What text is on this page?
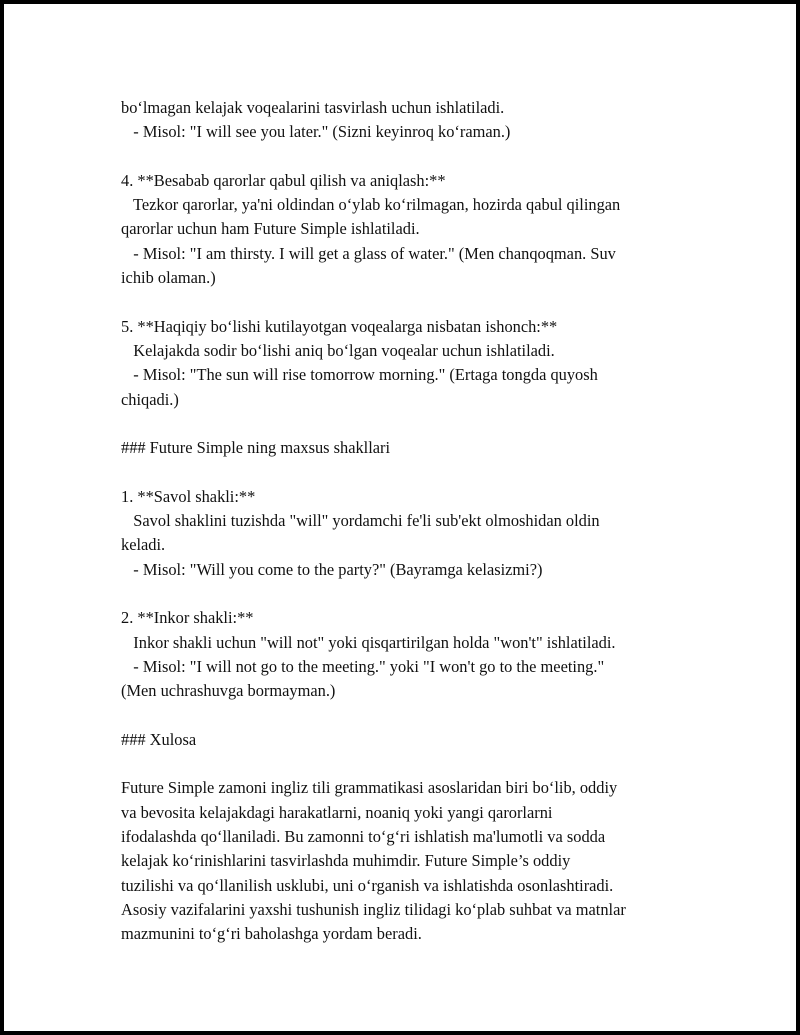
bo‘lmagan kelajak voqealarini tasvirlash uchun ishlatiladi.
- Misol: "I will see you later." (Sizni keyinroq ko‘raman.)
4. **Besabab qarorlar qabul qilish va aniqlash:**
Tezkor qarorlar, ya'ni oldindan o‘ylab ko‘rilmagan, hozirda qabul qilingan
qarorlar uchun ham Future Simple ishlatiladi.
- Misol: "I am thirsty. I will get a glass of water." (Men chanqoqman. Suv
ichib olaman.)
5. **Haqiqiy bo‘lishi kutilayotgan voqealarga nisbatan ishonch:**
Kelajakda sodir bo‘lishi aniq bo‘lgan voqealar uchun ishlatiladi.
- Misol: "The sun will rise tomorrow morning." (Ertaga tongda quyosh
chiqadi.)
### Future Simple ning maxsus shakllari
1. **Savol shakli:**
Savol shaklini tuzishda "will" yordamchi fe'li sub'ekt olmoshidan oldin
keladi.
- Misol: "Will you come to the party?" (Bayramga kelasizmi?)
2. **Inkor shakli:**
Inkor shakli uchun "will not" yoki qisqartirilgan holda "won't" ishlatiladi.
- Misol: "I will not go to the meeting." yoki "I won't go to the meeting."
(Men uchrashuvga bormayman.)
### Xulosa
Future Simple zamoni ingliz tili grammatikasi asoslaridan biri bo‘lib, oddiy
va bevosita kelajakdagi harakatlarni, noaniq yoki yangi qarorlarni
ifodalashda qo‘llaniladi. Bu zamonni to‘g‘ri ishlatish ma'lumotli va sodda
kelajak ko‘rinishlarini tasvirlashda muhimdir. Future Simple’s oddiy
tuzilishi va qo‘llanilish usklubi, uni o‘rganish va ishlatishda osonlashtiradi.
Asosiy vazifalarini yaxshi tushunish ingliz tilidagi ko‘plab suhbat va matnlar
mazmunini to‘g‘ri baholashga yordam beradi.
